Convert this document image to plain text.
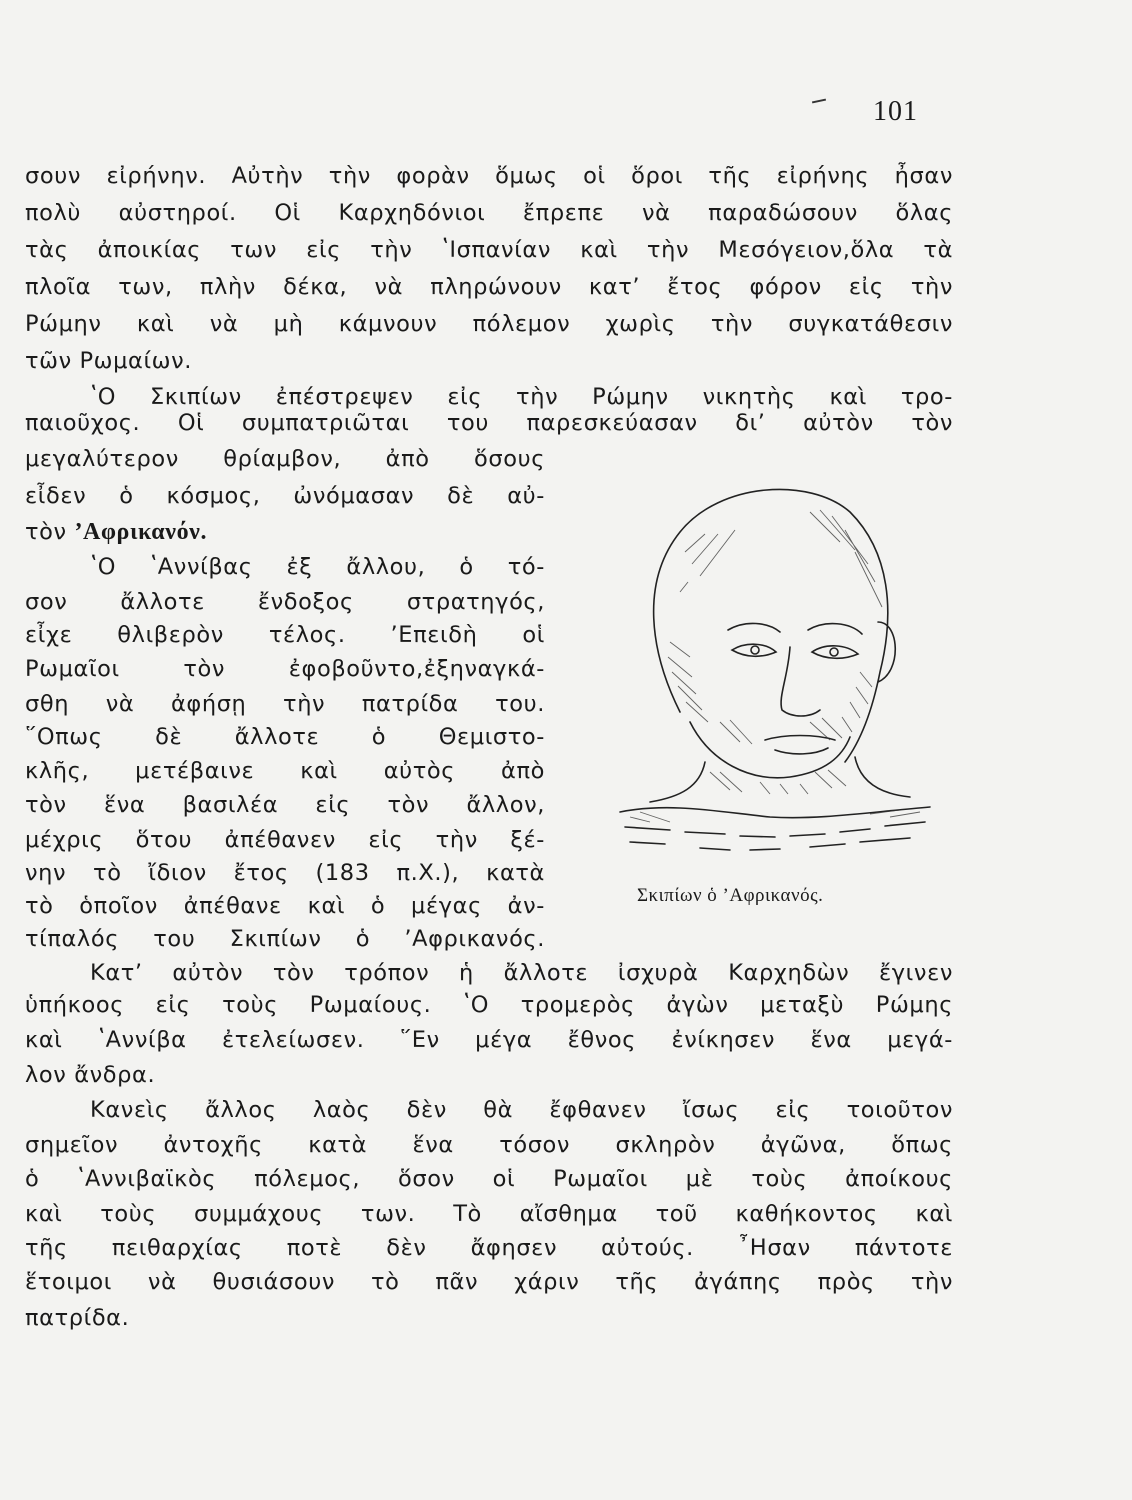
101
σουν εἰρήνην. Αὐτὴν τὴν φορὰν ὅμως οἱ ὅροι τῆς εἰρήνης ἦσαν
πολὺ αὐστηροί. Οἱ Καρχηδόνιοι ἔπρεπε νὰ παραδώσουν ὅλας
τὰς ἀποικίας των εἰς τὴν ʽΙσπανίαν καὶ τὴν Μεσόγειον,ὅλα τὰ
πλοῖα των, πλὴν δέκα, νὰ πληρώνουν κατ’ ἔτος φόρον εἰς τὴν
Ρώμην καὶ νὰ μὴ κάμνουν πόλεμον χωρὶς τὴν συγκατάθεσιν
τῶν Ρωμαίων.
ʽΟ Σκιπίων ἐπέστρεψεν εἰς τὴν Ρώμην νικητὴς καὶ τρο-
παιοῦχος. Οἱ συμπατριῶται του παρεσκεύασαν δι’ αὐτὸν τὸν
μεγαλύτερον θρίαμβον, ἀπὸ ὅσους
εἶδεν ὁ κόσμος, ὠνόμασαν δὲ αὐ-
τὸν ’Αφρικανόν.
ʽΟ ʽΑννίβας ἐξ ἄλλου, ὁ τό-
σον ἄλλοτε ἔνδοξος στρατηγός,
εἶχε θλιβερὸν τέλος. ’Επειδὴ οἱ
Ρωμαῖοι τὸν ἐφοβοῦντο,ἐξηναγκά-
σθη νὰ ἀφήσῃ τὴν πατρίδα του.
῞Οπως δὲ ἄλλοτε ὁ Θεμιστο-
κλῆς, μετέβαινε καὶ αὐτὸς ἀπὸ
τὸν ἕνα βασιλέα εἰς τὸν ἄλλον,
μέχρις ὅτου ἀπέθανεν εἰς τὴν ξέ-
νην τὸ ἴδιον ἔτος (183 π.Χ.), κατὰ
τὸ ὁποῖον ἀπέθανε καὶ ὁ μέγας ἀν-
τίπαλός του Σκιπίων ὁ ’Αφρικανός.
Κατ’ αὐτὸν τὸν τρόπον ἡ ἄλλοτε ἰσχυρὰ Καρχηδὼν ἔγινεν
ὑπήκοος εἰς τοὺς Ρωμαίους. ʽΟ τρομερὸς ἀγὼν μεταξὺ Ρώμης
καὶ ʽΑννίβα ἐτελείωσεν. ῞Εν μέγα ἔθνος ἐνίκησεν ἕνα μεγά-
λον ἄνδρα.
Κανεὶς ἄλλος λαὸς δὲν θὰ ἔφθανεν ἴσως εἰς τοιοῦτον
σημεῖον ἀντοχῆς κατὰ ἕνα τόσον σκληρὸν ἀγῶνα, ὅπως
ὁ ʽΑννιβαϊκὸς πόλεμος, ὅσον οἱ Ρωμαῖοι μὲ τοὺς ἀποίκους
καὶ τοὺς συμμάχους των. Τὸ αἴσθημα τοῦ καθήκοντος καὶ
τῆς πειθαρχίας ποτὲ δὲν ἄφησεν αὐτούς. ῏Ησαν πάντοτε
ἕτοιμοι νὰ θυσιάσουν τὸ πᾶν χάριν τῆς ἀγάπης πρὸς τὴν
πατρίδα.
Σκιπίων ὁ ’Αφρικανός.
